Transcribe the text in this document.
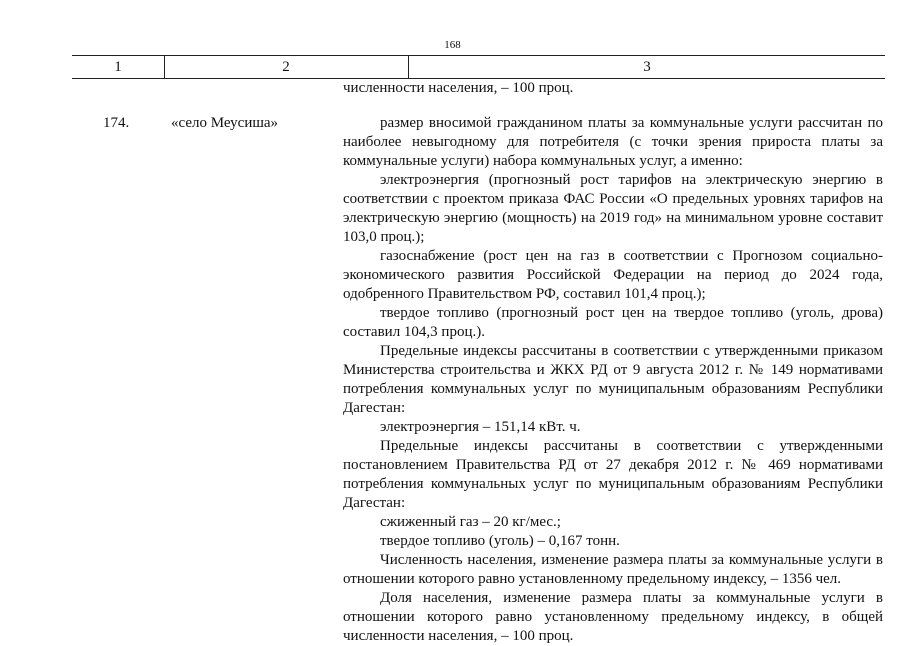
168
1	2	3
численности населения, – 100 проц.
174.	«село Меусиша»	размер вносимой гражданином платы за коммунальные услуги рассчитан по наиболее невыгодному для потребителя (с точки зрения прироста платы за коммунальные услуги) набора коммунальных услуг, а именно:

электроэнергия (прогнозный рост тарифов на электрическую энергию в соответствии с проектом приказа ФАС России «О предельных уровнях тарифов на электрическую энергию (мощность) на 2019 год» на минимальном уровне составит 103,0 проц.);

газоснабжение (рост цен на газ в соответствии с Прогнозом социально-экономического развития Российской Федерации на период до 2024 года, одобренного Правительством РФ, составил 101,4 проц.);

твердое топливо (прогнозный рост цен на твердое топливо (уголь, дрова) составил 104,3 проц.).

Предельные индексы рассчитаны в соответствии с утвержденными приказом Министерства строительства и ЖКХ РД от 9 августа 2012 г. № 149 нормативами потребления коммунальных услуг по муниципальным образованиям Республики Дагестан:

электроэнергия – 151,14 кВт. ч.

Предельные индексы рассчитаны в соответствии с утвержденными постановлением Правительства РД от 27 декабря 2012 г. № 469 нормативами потребления коммунальных услуг по муниципальным образованиям Республики Дагестан:

сжиженный газ – 20 кг/мес.;

твердое топливо (уголь) – 0,167 тонн.

Численность населения, изменение размера платы за коммунальные услуги в отношении которого равно установленному предельному индексу, – 1356 чел.

Доля населения, изменение размера платы за коммунальные услуги в отношении которого равно установленному предельному индексу, в общей численности населения, – 100 проц.
